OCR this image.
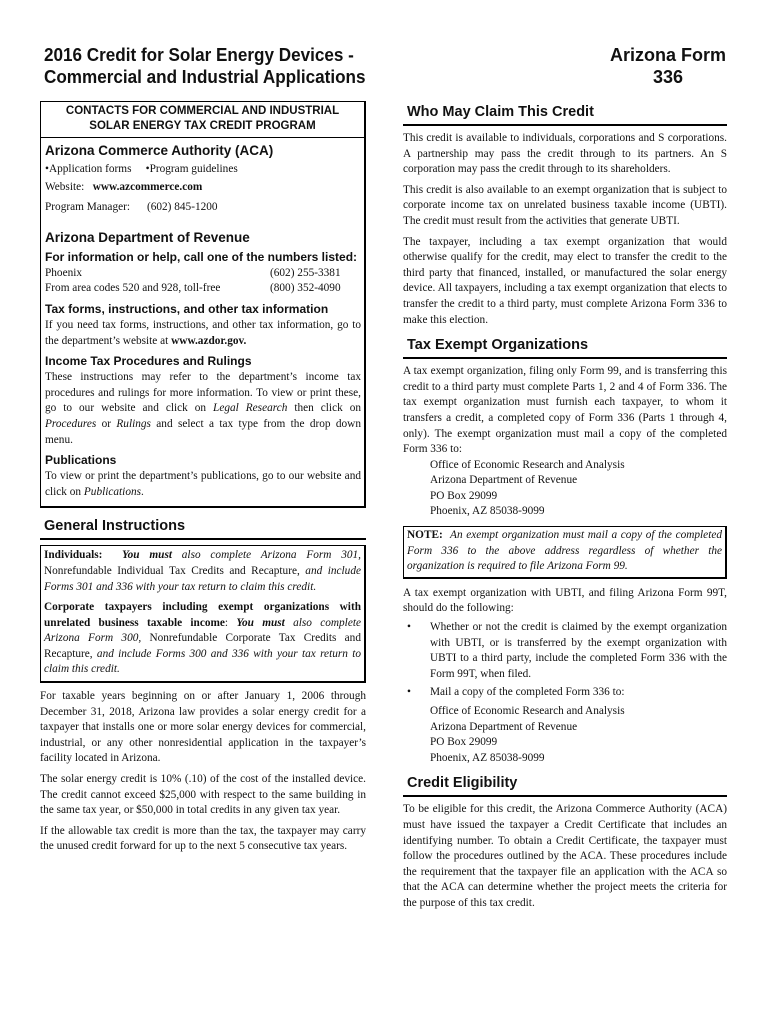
2016 Credit for Solar Energy Devices -
Commercial and Industrial Applications
Arizona Form
336
CONTACTS FOR COMMERCIAL AND INDUSTRIAL
SOLAR ENERGY TAX CREDIT PROGRAM
Arizona Commerce Authority (ACA)
•Application forms •Program guidelines
Website: www.azcommerce.com
Program Manager: (602) 845-1200
Arizona Department of Revenue
For information or help, call one of the numbers listed:
Phoenix	(602) 255-3381
From area codes 520 and 928, toll-free	(800) 352-4090
Tax forms, instructions, and other tax information

If you need tax forms, instructions, and other tax information, go to the department’s website at www.azdor.gov.

Income Tax Procedures and Rulings

These instructions may refer to the department’s income tax procedures and rulings for more information. To view or print these, go to our website and click on Legal Research then click on Procedures or Rulings and select a tax type from the drop down menu.

Publications

To view or print the department’s publications, go to our website and click on Publications.

General Instructions

Individuals: You must also complete Arizona Form 301, Nonrefundable Individual Tax Credits and Recapture, and include Forms 301 and 336 with your tax return to claim this credit.

Corporate taxpayers including exempt organizations with unrelated business taxable income: You must also complete Arizona Form 300, Nonrefundable Corporate Tax Credits and Recapture, and include Forms 300 and 336 with your tax return to claim this credit.

For taxable years beginning on or after January 1, 2006 through December 31, 2018, Arizona law provides a solar energy credit for a taxpayer that installs one or more solar energy devices for commercial, industrial, or any other nonresidential application in the taxpayer’s facility located in Arizona.

The solar energy credit is 10% (.10) of the cost of the installed device. The credit cannot exceed $25,000 with respect to the same building in the same tax year, or $50,000 in total credits in any given tax year.

If the allowable tax credit is more than the tax, the taxpayer may carry the unused credit forward for up to the next 5 consecutive tax years.

Who May Claim This Credit

This credit is available to individuals, corporations and S corporations. A partnership may pass the credit through to its partners. An S corporation may pass the credit through to its shareholders.

This credit is also available to an exempt organization that is subject to corporate income tax on unrelated business taxable income (UBTI). The credit must result from the activities that generate UBTI.

The taxpayer, including a tax exempt organization that would otherwise qualify for the credit, may elect to transfer the credit to the third party that financed, installed, or manufactured the solar energy device. All taxpayers, including a tax exempt organization that elects to transfer the credit to a third party, must complete Arizona Form 336 to make this election.

Tax Exempt Organizations

A tax exempt organization, filing only Form 99, and is transferring this credit to a third party must complete Parts 1, 2 and 4 of Form 336. The tax exempt organization must furnish each taxpayer, to whom it transfers a credit, a completed copy of Form 336 (Parts 1 through 4, only). The exempt organization must mail a copy of the completed Form 336 to:

Office of Economic Research and Analysis
Arizona Department of Revenue
PO Box 29099
Phoenix, AZ 85038-9099
NOTE: An exempt organization must mail a copy of the completed Form 336 to the above address regardless of whether the organization is required to file Arizona Form 99.

A tax exempt organization with UBTI, and filing Arizona Form 99T, should do the following:

• Whether or not the credit is claimed by the exempt organization with UBTI, or is transferred by the exempt organization with UBTI to a third party, include the completed Form 336 with the Form 99T, when filed.
• Mail a copy of the completed Form 336 to:
Office of Economic Research and Analysis
Arizona Department of Revenue
PO Box 29099
Phoenix, AZ 85038-9099
Credit Eligibility

To be eligible for this credit, the Arizona Commerce Authority (ACA) must have issued the taxpayer a Credit Certificate that includes an identifying number. To obtain a Credit Certificate, the taxpayer must follow the procedures outlined by the ACA. These procedures include the requirement that the taxpayer file an application with the ACA so that the ACA can determine whether the project meets the criteria for the purpose of this tax credit.
